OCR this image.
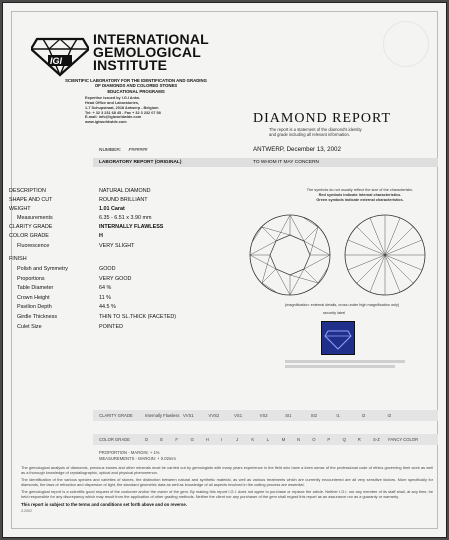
IGI
INTERNATIONAL
GEMOLOGICAL
INSTITUTE
SCIENTIFIC LABORATORY FOR THE IDENTIFICATION AND GRADING
OF DIAMONDS AND COLORED STONES
EDUCATIONAL PROGRAMS
Expertise issued by I.G.I Antw.
Head Office and Laboratories,
1-7 Schupstraat, 2018 Antwerp - Belgium
Tel: + 32 3 231 68 45 - Fax + 32 3 232 07 58
E-mail: info@igiworldwide.com
www.igiworldwide.com	DIAMOND REPORT
The report is a statement of the diamond's identity
and grade including all relevant information.
NUMBER: F######	ANTWERP, December 13, 2002
LABORATORY REPORT (ORIGINAL)	TO WHOM IT MAY CONCERN
DESCRIPTION	NATURAL DIAMOND
SHAPE AND CUT	ROUND BRILLIANT
WEIGHT	1.01 Carat
Measurements	6.35 - 6.51 x 3.90 mm
CLARITY GRADE	INTERNALLY FLAWLESS
COLOR GRADE	H
Fluorescence	VERY SLIGHT
FINISH
Polish and Symmetry	GOOD
Proportions	VERY GOOD
Table Diameter	64 %
Crown Height	11 %
Pavilion Depth	44.5 %
Girdle Thickness	THIN TO SL.THICK (FACETED)
Culet Size	POINTED
The symbols do not usually reflect the size of the characteristic.
Red symbols indicate internal characteristics.
Green symbols indicate external characteristics.
(magnification: external details, cross under high magnification only)
security label
CLARITY GRADE	Internally Flawless VVS1	VVS2	VS1	VS2	SI1	SI2	I1	I2	I3
COLOR GRADE	D	E	F	G	H	I	J	K	L	M	N	O	P	Q	R	S-Z FANCY COLOR
PROPORTION - MARGIN: + 1%
MEASUREMENTS - MARGIN: + 0.02mm
The gemological analysis of diamonds, precious stones and other minerals must be carried out by gemologists with many years experience in the field who have a keen sense of the professional code of ethics governing their work as well as a thorough knowledge of crystallographic, optical and physical phenomenon.
The identification of the various species and varieties of stones, the distinction between natural and synthetic material, as well as various treatments which are currently encountered are all very sensitive factors. More specifically for diamonds, the laws of refraction and dispersion of light, the standard geometric data as well as knowledge of all aspects involved in the cutting process are essential.
The gemological report is a scientific good request of the customer and/or the owner of the gem. By making this report I.G.I. does not agree to purchase or replace the article. Neither I.G.I. nor any member of its staff shall, at any time, be held responsible for any discrepancy which may result from the application of other grading methods. Neither the client nor any purchaser of the gem shall regard this report as an assurance nor as a guaranty or warranty.
This report is subject to the terms and conditions set forth above and on reverse.
3.2002
